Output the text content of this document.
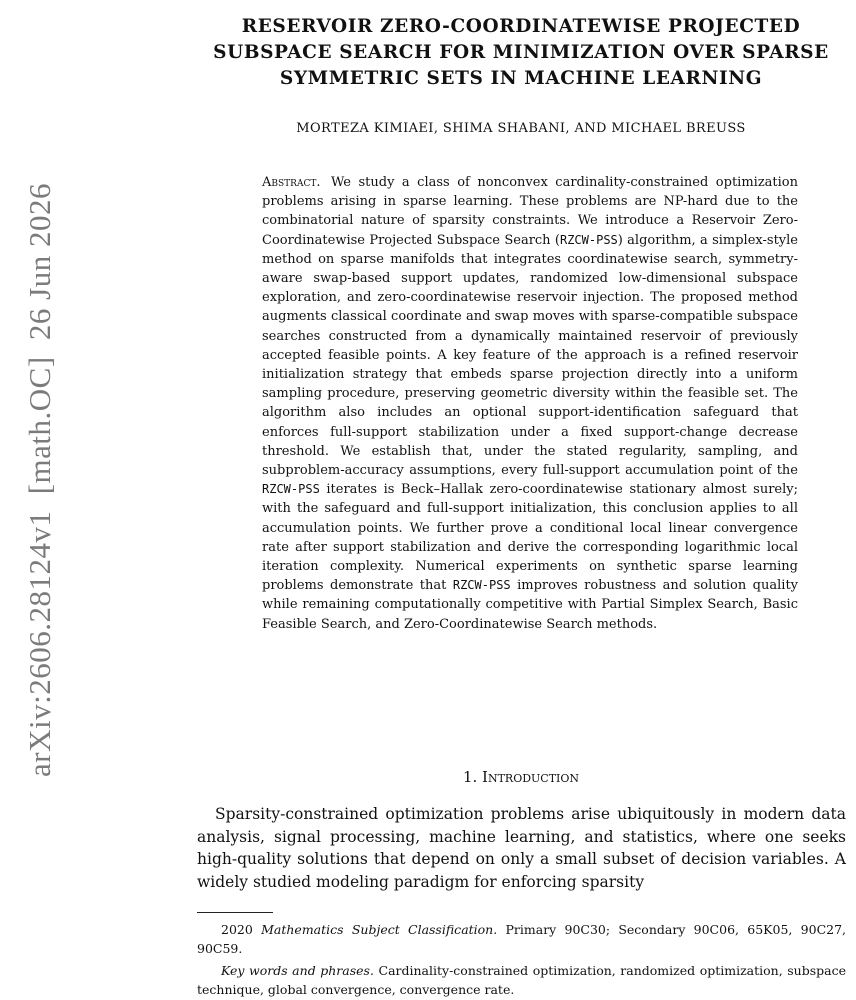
arXiv:2606.28124v1 [math.OC] 26 Jun 2026
RESERVOIR ZERO-COORDINATEWISE PROJECTED
SUBSPACE SEARCH FOR MINIMIZATION OVER SPARSE
SYMMETRIC SETS IN MACHINE LEARNING
MORTEZA KIMIAEI, SHIMA SHABANI, AND MICHAEL BREUSS
Abstract. We study a class of nonconvex cardinality-constrained optimization problems arising in sparse learning. These problems are NP-hard due to the combinatorial nature of sparsity constraints. We introduce a Reservoir Zero-Coordinatewise Projected Subspace Search (RZCW-PSS) algorithm, a simplex-style method on sparse manifolds that integrates coordinatewise search, symmetry-aware swap-based support updates, randomized low-dimensional subspace exploration, and zero-coordinatewise reservoir injection. The proposed method augments classical coordinate and swap moves with sparse-compatible subspace searches constructed from a dynamically maintained reservoir of previously accepted feasible points. A key feature of the approach is a refined reservoir initialization strategy that embeds sparse projection directly into a uniform sampling procedure, preserving geometric diversity within the feasible set. The algorithm also includes an optional support-identification safeguard that enforces full-support stabilization under a fixed support-change decrease threshold. We establish that, under the stated regularity, sampling, and subproblem-accuracy assumptions, every full-support accumulation point of the RZCW-PSS iterates is Beck–Hallak zero-coordinatewise stationary almost surely; with the safeguard and full-support initialization, this conclusion applies to all accumulation points. We further prove a conditional local linear convergence rate after support stabilization and derive the corresponding logarithmic local iteration complexity. Numerical experiments on synthetic sparse learning problems demonstrate that RZCW-PSS improves robustness and solution quality while remaining computationally competitive with Partial Simplex Search, Basic Feasible Search, and Zero-Coordinatewise Search methods.
1. Introduction
Sparsity-constrained optimization problems arise ubiquitously in modern data analysis, signal processing, machine learning, and statistics, where one seeks high-quality solutions that depend on only a small subset of decision variables. A widely studied modeling paradigm for enforcing sparsity
2020 Mathematics Subject Classification. Primary 90C30; Secondary 90C06, 65K05, 90C27, 90C59.
Key words and phrases. Cardinality-constrained optimization, randomized optimization, subspace technique, global convergence, convergence rate.
